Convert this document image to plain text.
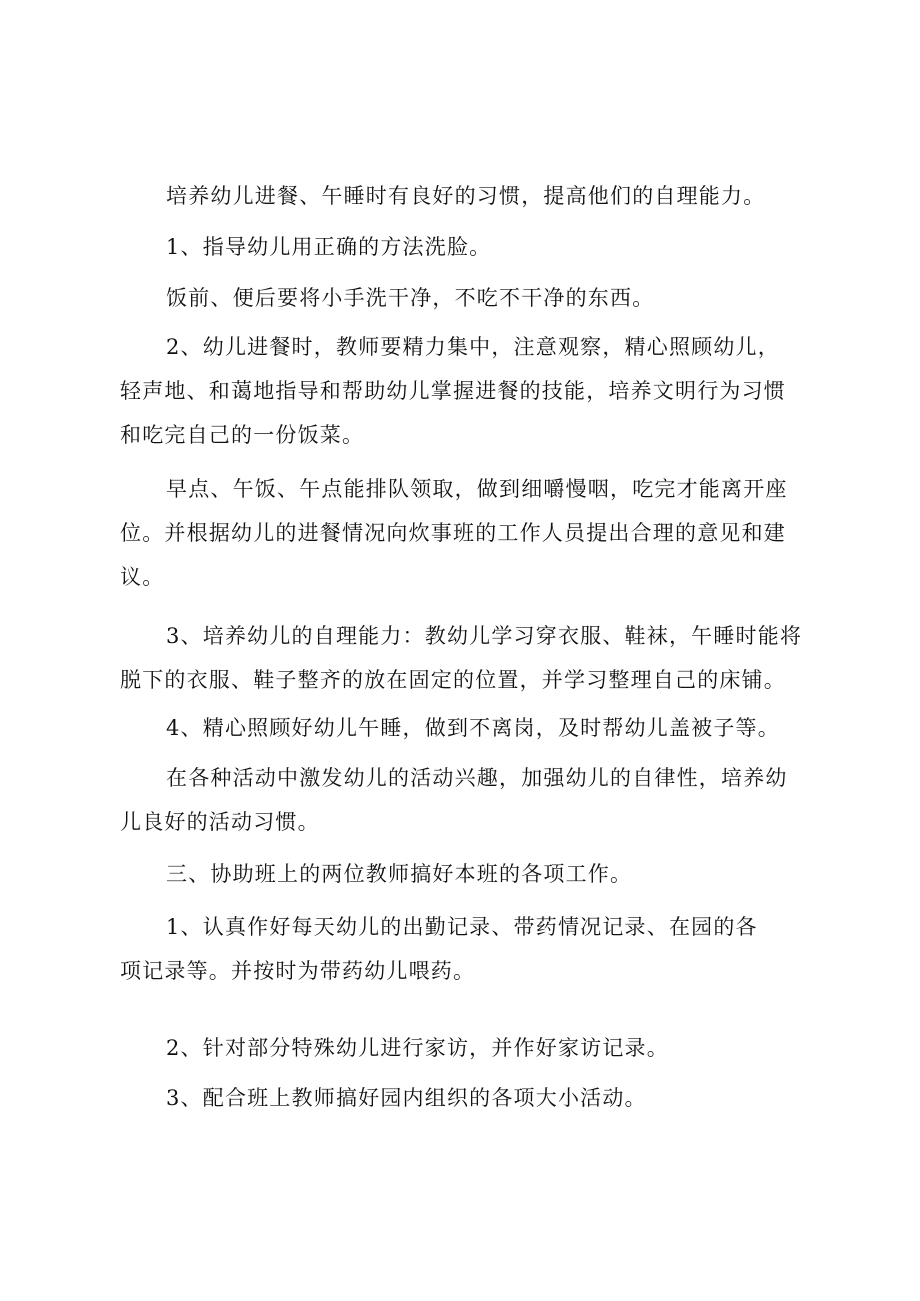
培养幼儿进餐、午睡时有良好的习惯，提高他们的自理能力。

1、指导幼儿用正确的方法洗脸。

饭前、便后要将小手洗干净，不吃不干净的东西。

2、幼儿进餐时，教师要精力集中，注意观察，精心照顾幼儿，轻声地、和蔼地指导和帮助幼儿掌握进餐的技能，培养文明行为习惯和吃完自己的一份饭菜。

早点、午饭、午点能排队领取，做到细嚼慢咽，吃完才能离开座位。并根据幼儿的进餐情况向炊事班的工作人员提出合理的意见和建议。

3、培养幼儿的自理能力：教幼儿学习穿衣服、鞋袜，午睡时能将脱下的衣服、鞋子整齐的放在固定的位置，并学习整理自己的床铺。

4、精心照顾好幼儿午睡，做到不离岗，及时帮幼儿盖被子等。

在各种活动中激发幼儿的活动兴趣，加强幼儿的自律性，培养幼儿良好的活动习惯。

三、协助班上的两位教师搞好本班的各项工作。

1、认真作好每天幼儿的出勤记录、带药情况记录、在园的各项记录等。并按时为带药幼儿喂药。

2、针对部分特殊幼儿进行家访，并作好家访记录。

3、配合班上教师搞好园内组织的各项大小活动。
